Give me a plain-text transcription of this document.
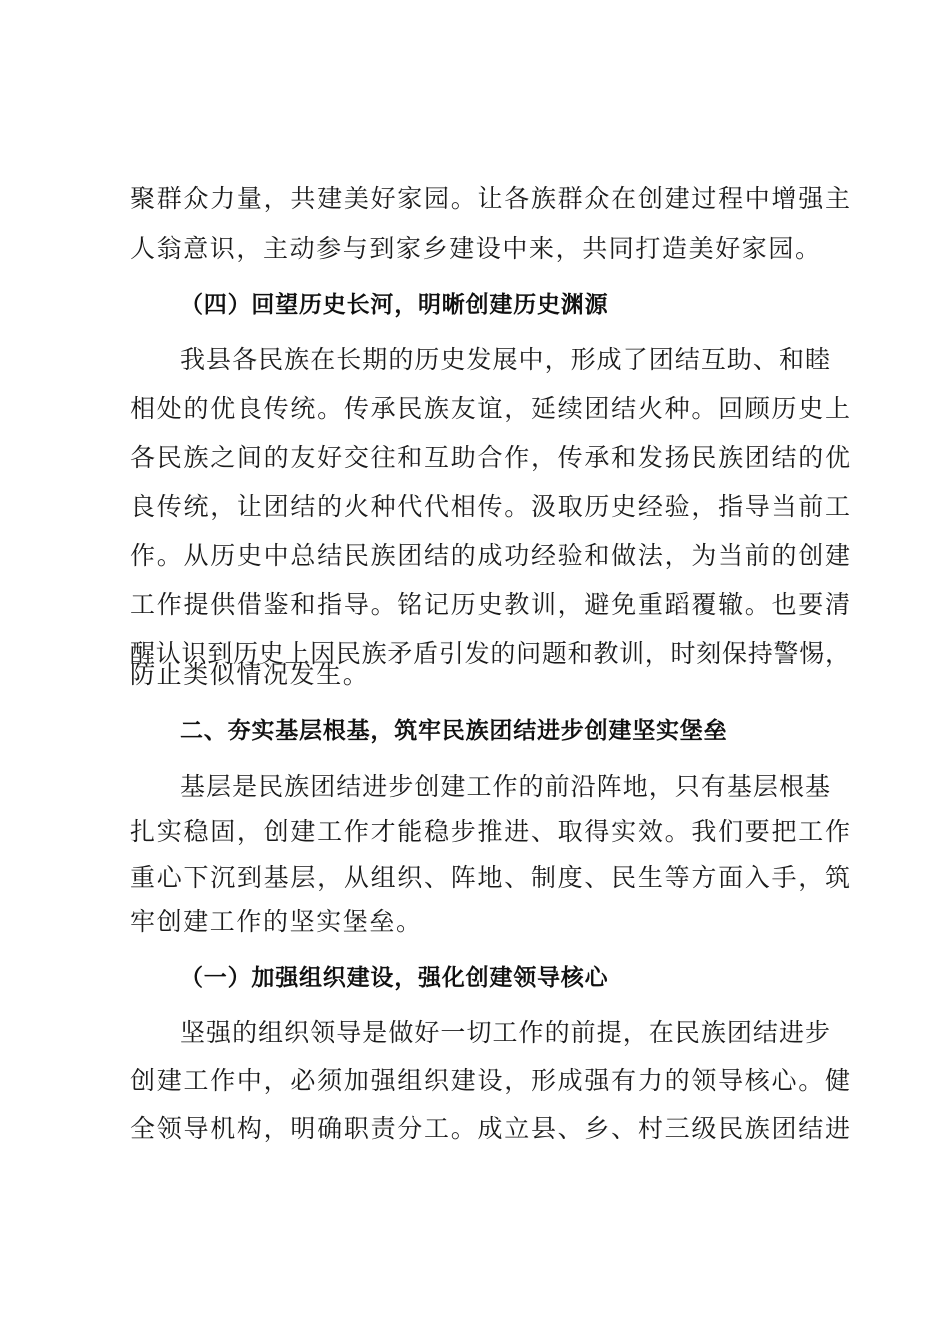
聚群众力量，共建美好家园。让各族群众在创建过程中增强主
人翁意识，主动参与到家乡建设中来，共同打造美好家园。
（四）回望历史长河，明晰创建历史渊源
我县各民族在长期的历史发展中，形成了团结互助、和睦
相处的优良传统。传承民族友谊，延续团结火种。回顾历史上
各民族之间的友好交往和互助合作，传承和发扬民族团结的优
良传统，让团结的火种代代相传。汲取历史经验，指导当前工
作。从历史中总结民族团结的成功经验和做法，为当前的创建
工作提供借鉴和指导。铭记历史教训，避免重蹈覆辙。也要清
醒认识到历史上因民族矛盾引发的问题和教训，时刻保持警惕，
防止类似情况发生。
二、夯实基层根基，筑牢民族团结进步创建坚实堡垒
基层是民族团结进步创建工作的前沿阵地，只有基层根基
扎实稳固，创建工作才能稳步推进、取得实效。我们要把工作
重心下沉到基层，从组织、阵地、制度、民生等方面入手，筑
牢创建工作的坚实堡垒。
（一）加强组织建设，强化创建领导核心
坚强的组织领导是做好一切工作的前提，在民族团结进步
创建工作中，必须加强组织建设，形成强有力的领导核心。健
全领导机构，明确职责分工。成立县、乡、村三级民族团结进
